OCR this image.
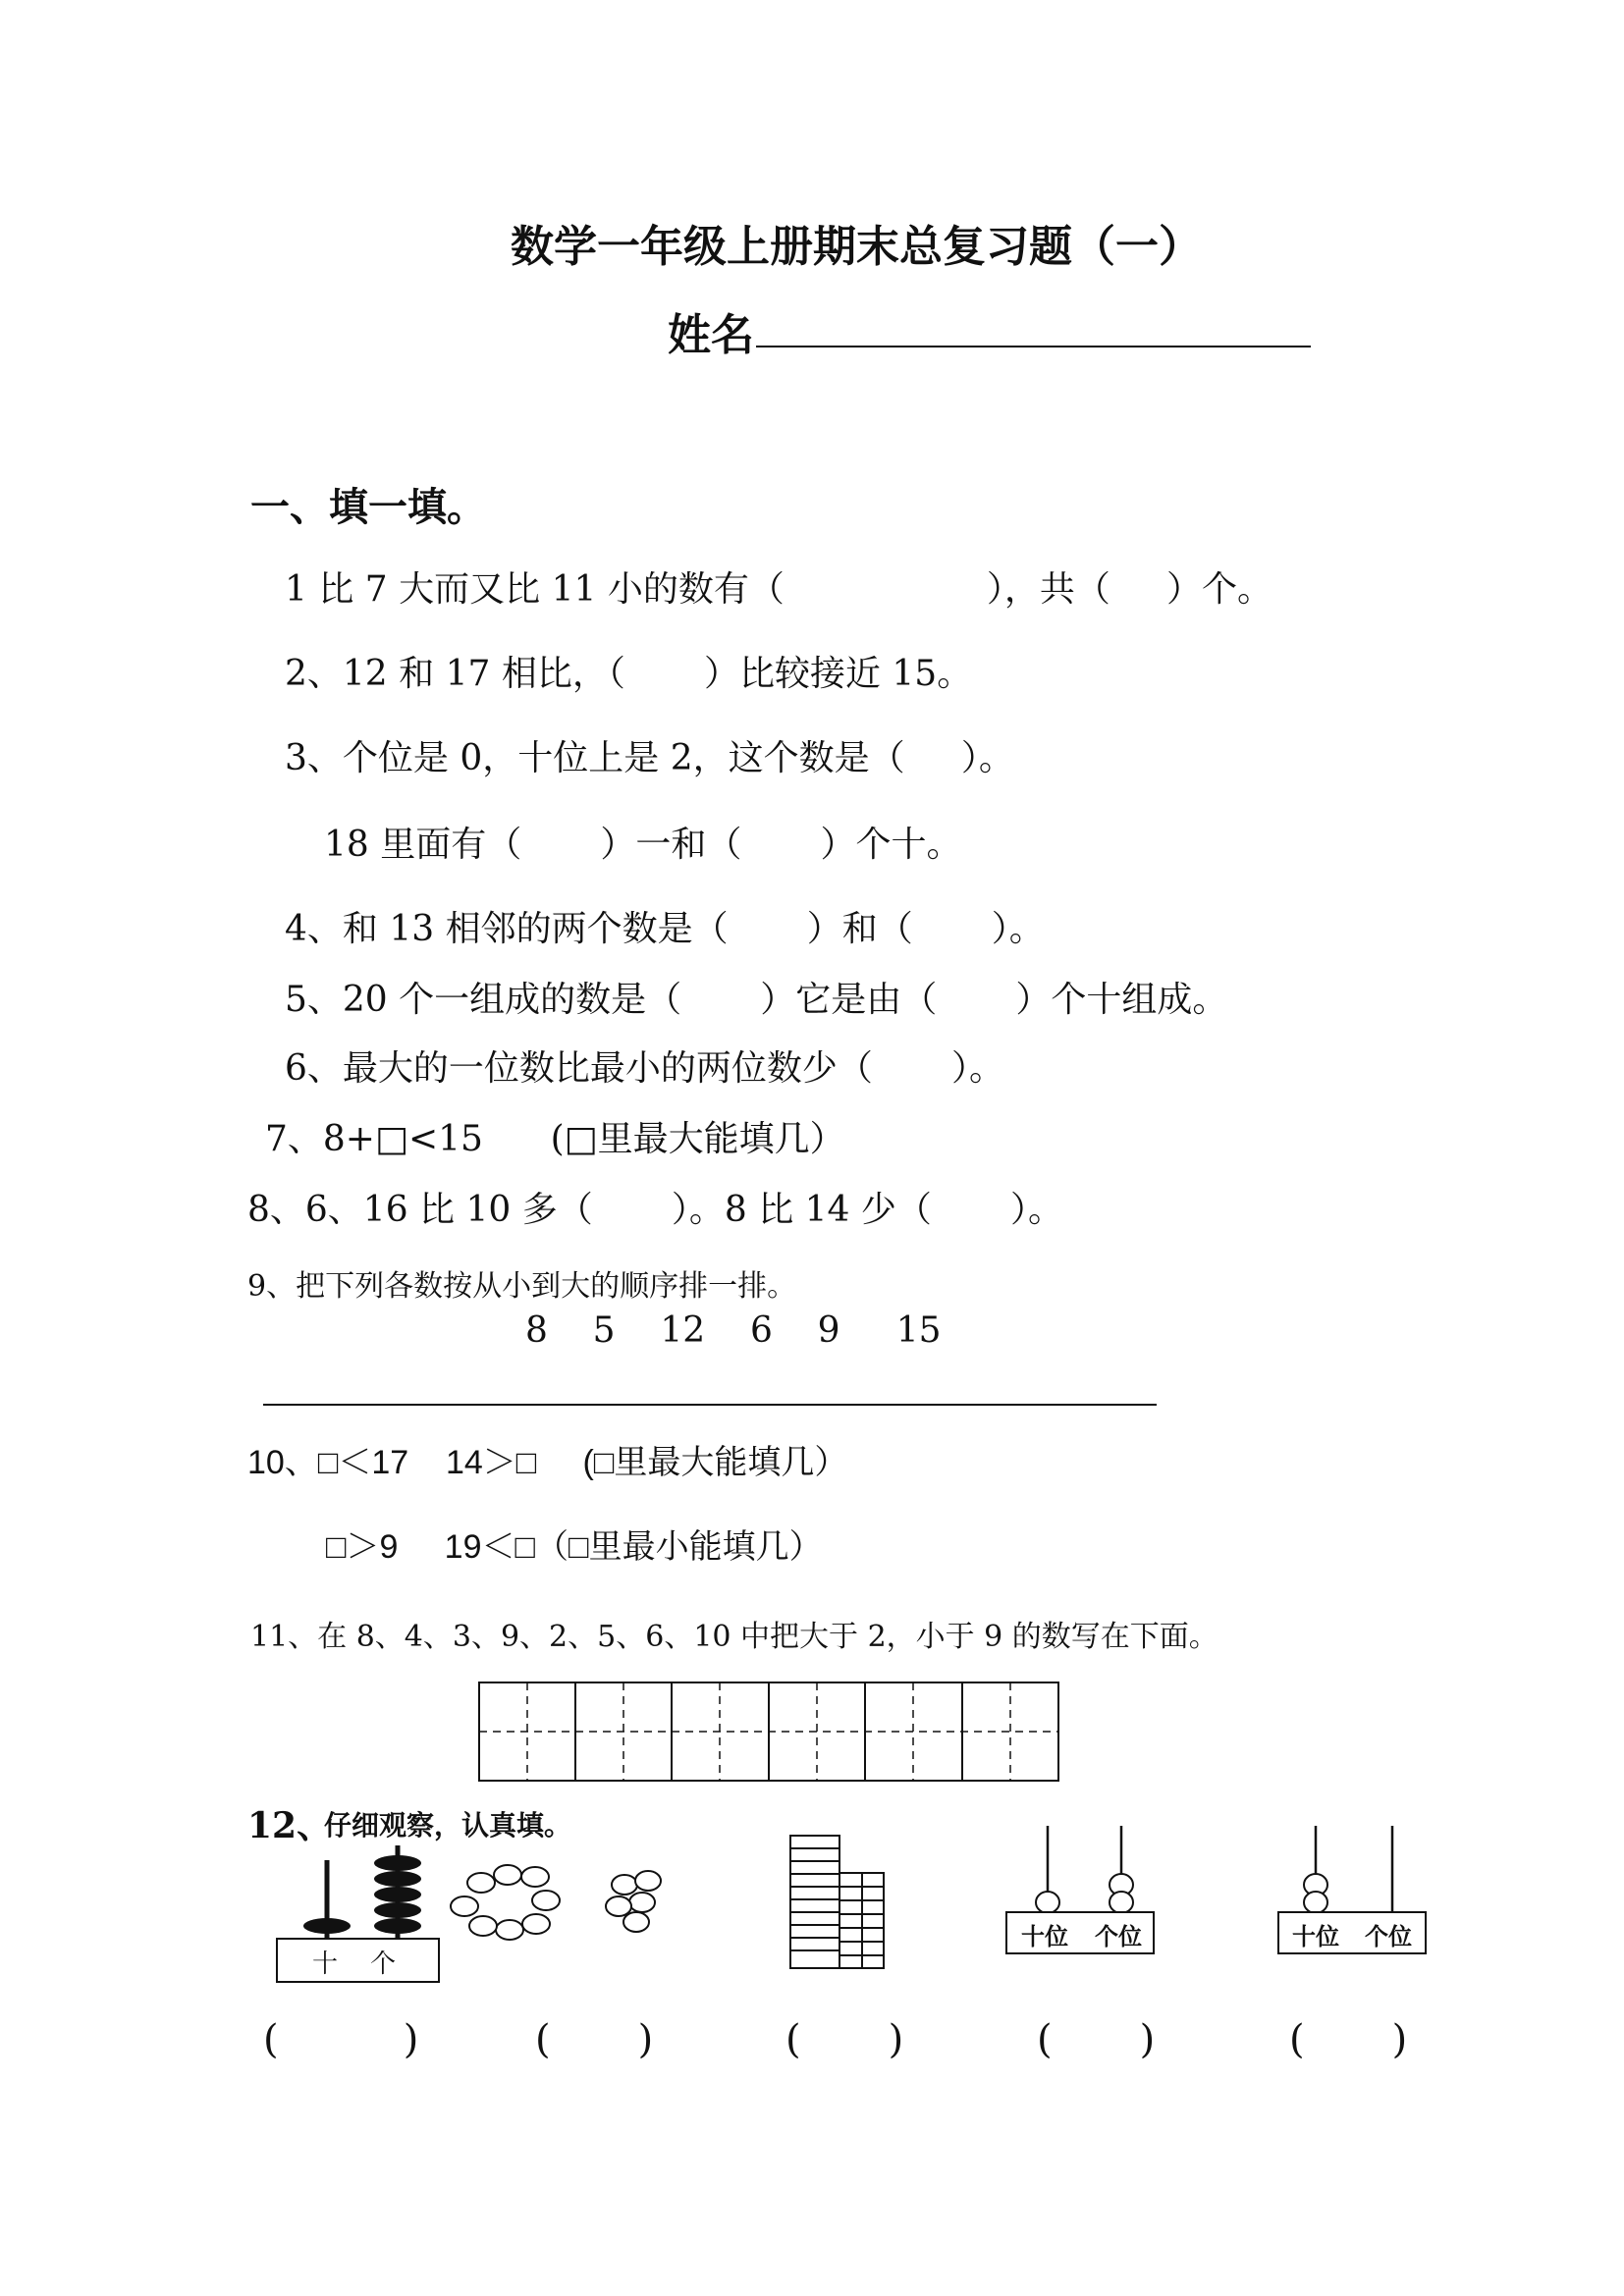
数学一年级上册期末总复习题（一）
姓名
一、填一填。
1 比 7 大而又比 11 小的数有（                  ），共（     ）个。
2、12 和 17 相比，（       ）比较接近 15。
3、个位是 0，十位上是 2，这个数是（     ）。
18 里面有（       ）一和（       ）个十。
4、和 13 相邻的两个数是（       ）和（       ）。
5、20 个一组成的数是（       ）它是由（       ）个十组成。
6、最大的一位数比最小的两位数少（       ）。
7、8+□<15      (□里最大能填几）
8、6、16 比 10 多（       ）。8 比 14 少（       ）。
9、把下列各数按从小到大的顺序排一排。
8    5    12    6    9     15
10、□＜17    14＞□     (□里最大能填几）
□＞9     19＜□（□里最小能填几）
11、在 8、4、3、9、2、5、6、10 中把大于 2，小于 9 的数写在下面。
12、
仔细观察，认真填。
十    个
十位 个位	十位 个位
(          )	(       )	(       )	(       )	(       )
